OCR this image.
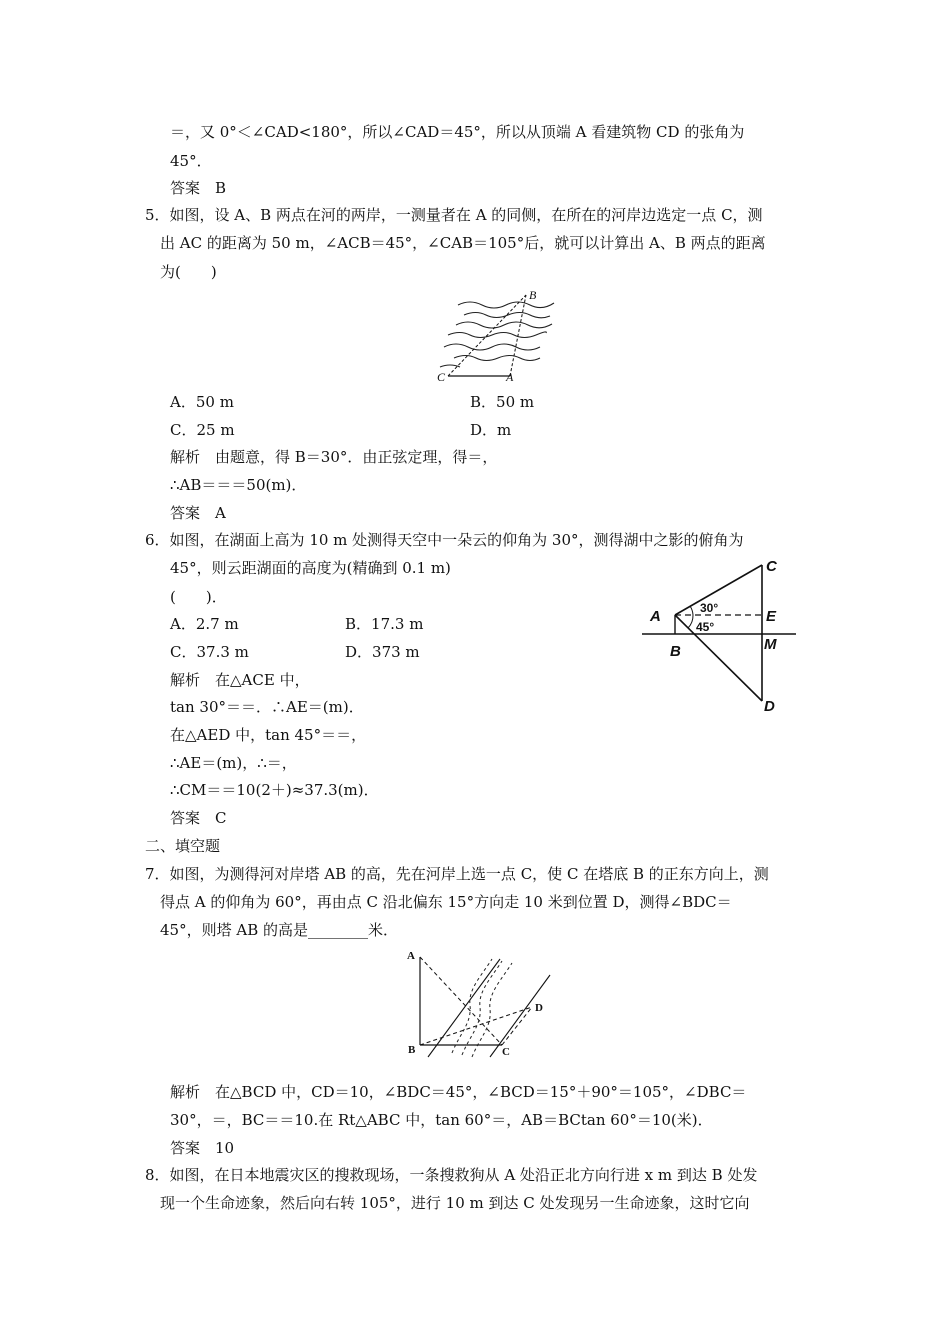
＝，又 0°＜∠CAD<180°，所以∠CAD＝45°，所以从顶端 A 看建筑物 CD 的张角为
45°．
答案　B
5．如图，设 A、B 两点在河的两岸，一测量者在 A 的同侧，在所在的河岸边选定一点 C，测
出 AC 的距离为 50 m，∠ACB＝45°，∠CAB＝105°后，就可以计算出 A、B 两点的距离
为(　　)
B
C	A
A．50 m	B．50 m
C．25 m	D．m
解析　由题意，得 B＝30°．由正弦定理，得＝，
∴AB＝＝＝50(m)．
答案　A
6．如图，在湖面上高为 10 m 处测得天空中一朵云的仰角为 30°，测得湖中之影的俯角为
45°，则云距湖面的高度为(精确到 0.1 m)
(　　)．
A．2.7 m	B．17.3 m
C．37.3 m	D．373 m
解析　在△ACE 中，
tan 30°＝＝．∴AE＝(m)．
在△AED 中，tan 45°＝＝，
∴AE＝(m)，∴＝，
∴CM＝＝10(2＋)≈37.3(m)．
答案　C
A
B
C
E
M
D
30°
45°
二、填空题
7．如图，为测得河对岸塔 AB 的高，先在河岸上选一点 C，使 C 在塔底 B 的正东方向上，测
得点 A 的仰角为 60°，再由点 C 沿北偏东 15°方向走 10 米到位置 D，测得∠BDC＝
45°，则塔 AB 的高是________米．
A
B	C
D
解析　在△BCD 中，CD＝10，∠BDC＝45°，∠BCD＝15°＋90°＝105°，∠DBC＝
30°，＝，BC＝＝10.在 Rt△ABC 中，tan 60°＝，AB＝BCtan 60°＝10(米)．
答案　10
8．如图，在日本地震灾区的搜救现场，一条搜救狗从 A 处沿正北方向行进 x m 到达 B 处发
现一个生命迹象，然后向右转 105°，进行 10 m 到达 C 处发现另一生命迹象，这时它向
